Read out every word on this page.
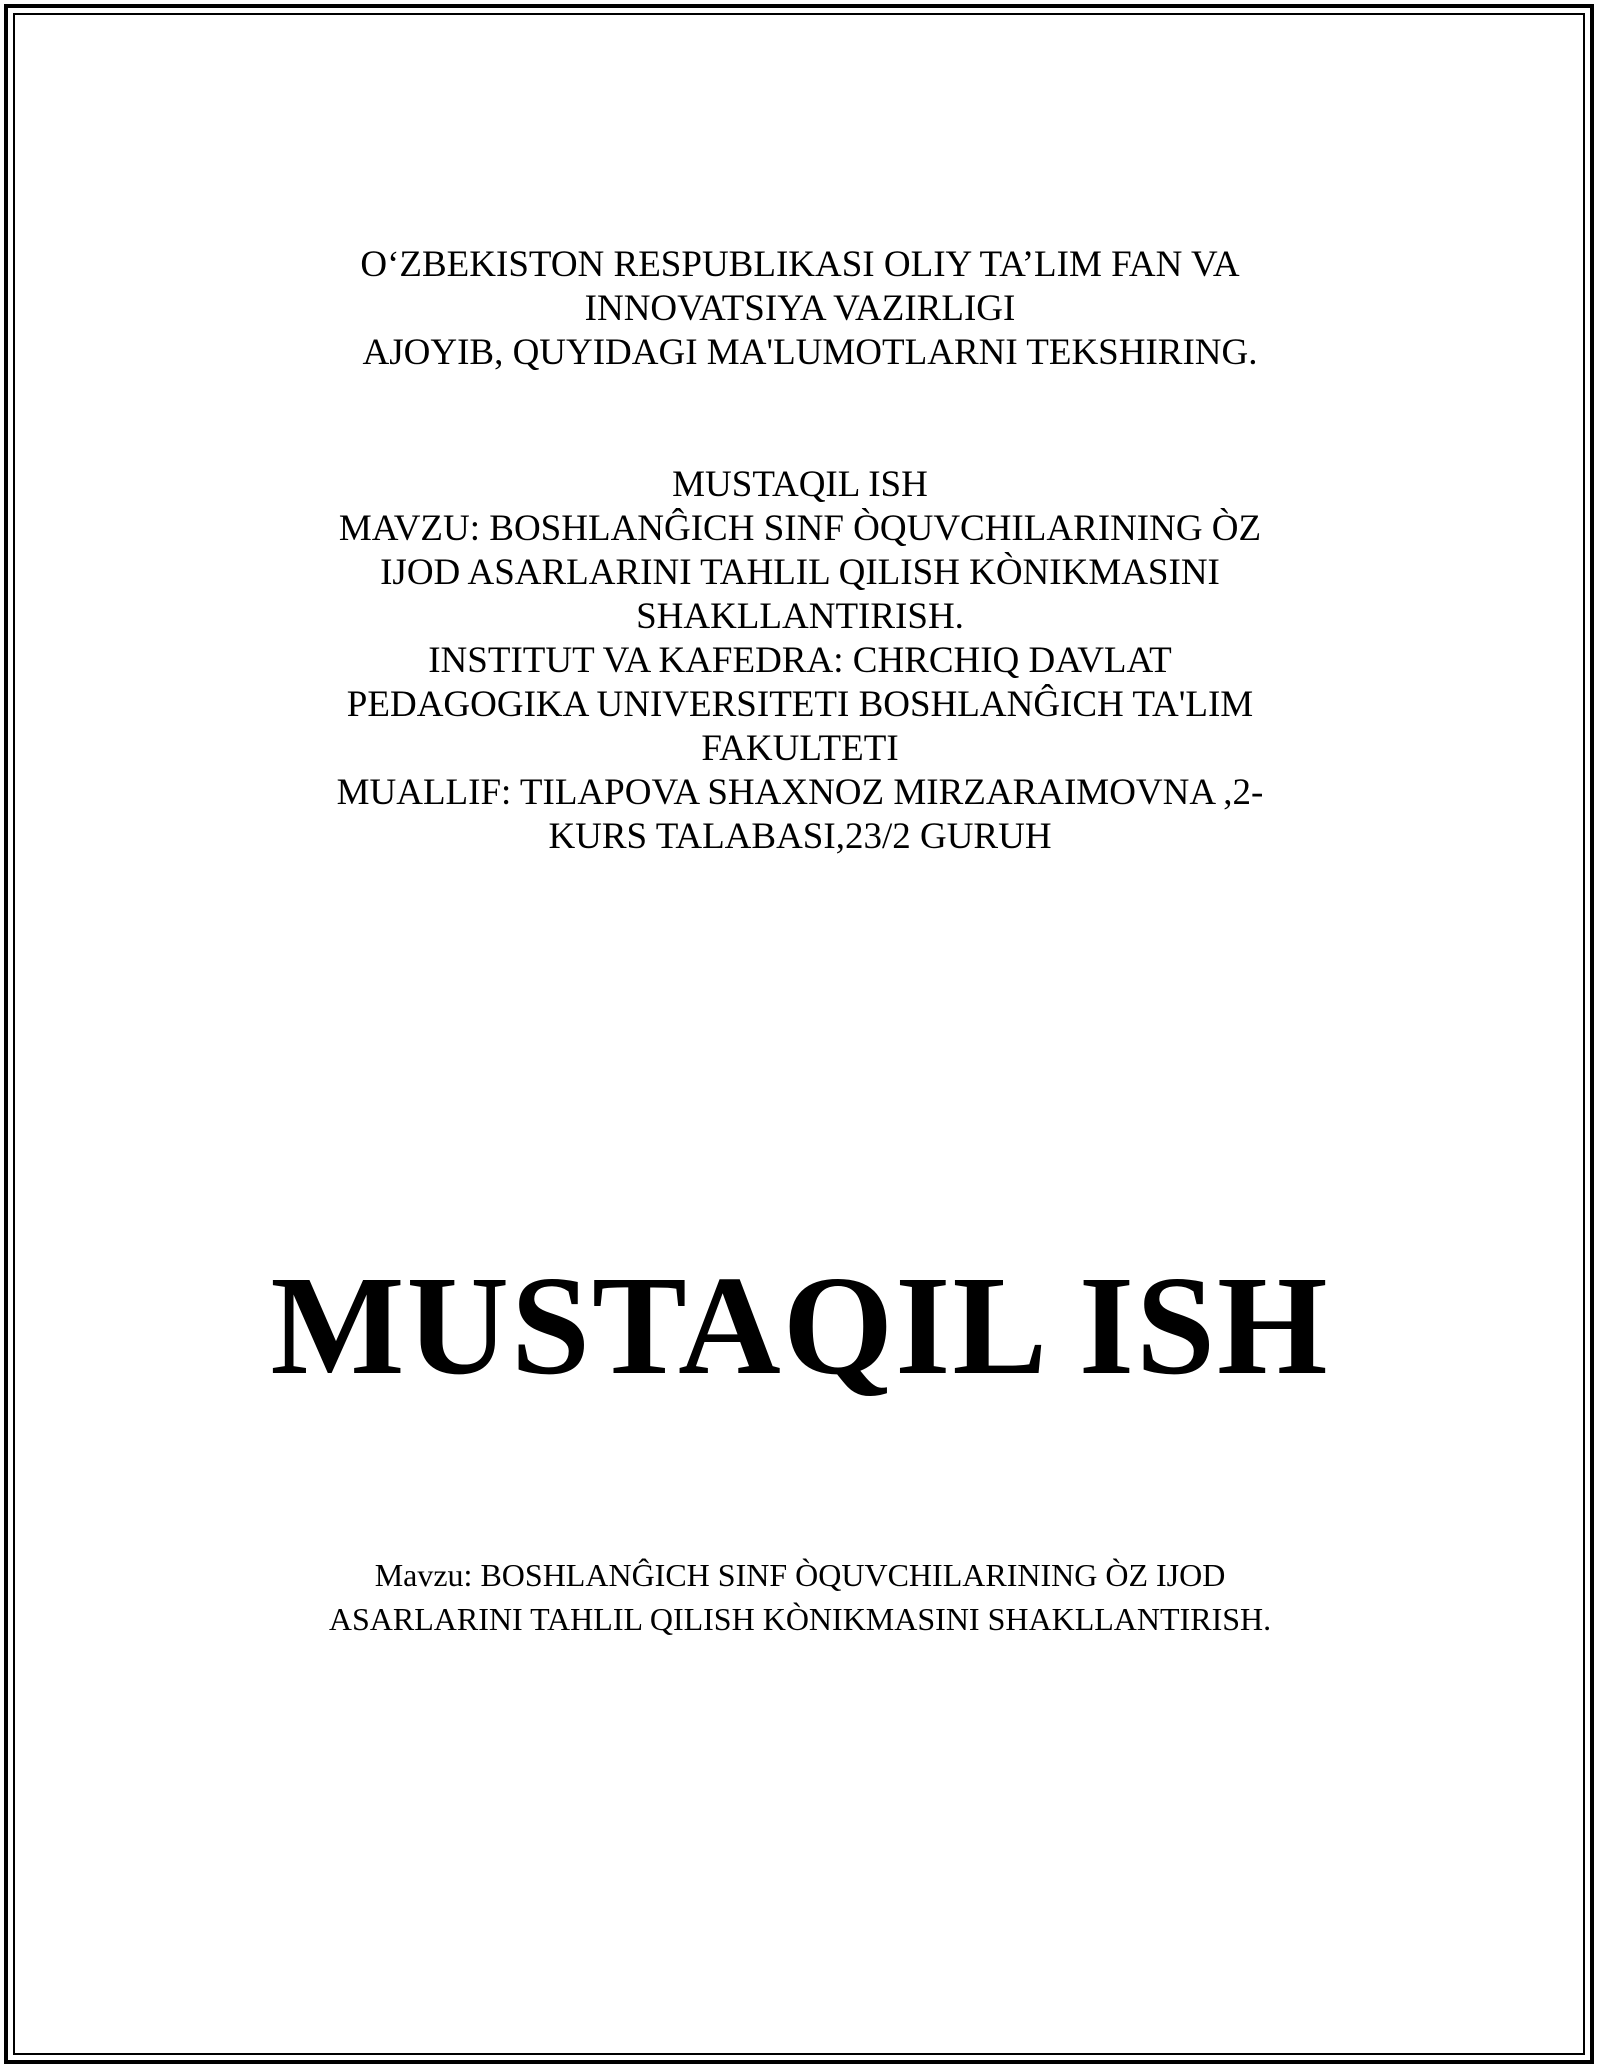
O‘ZBEKISTON RESPUBLIKASI OLIY TA’LIM FAN VA
INNOVATSIYA VAZIRLIGI
AJOYIB, QUYIDAGI MA'LUMOTLARNI TEKSHIRING.
MUSTAQIL ISH
MAVZU: BOSHLANĜICH SINF ÒQUVCHILARINING ÒZ
IJOD ASARLARINI TAHLIL QILISH KÒNIKMASINI
SHAKLLANTIRISH.
INSTITUT VA KAFEDRA: CHRCHIQ DAVLAT
PEDAGOGIKA UNIVERSITETI BOSHLANĜICH TA'LIM
FAKULTETI
MUALLIF: TILAPOVA SHAXNOZ MIRZARAIMOVNA ,2-
KURS TALABASI,23/2 GURUH
MUSTAQIL ISH
Mavzu: BOSHLANĜICH SINF ÒQUVCHILARINING ÒZ IJOD
ASARLARINI TAHLIL QILISH KÒNIKMASINI SHAKLLANTIRISH.
